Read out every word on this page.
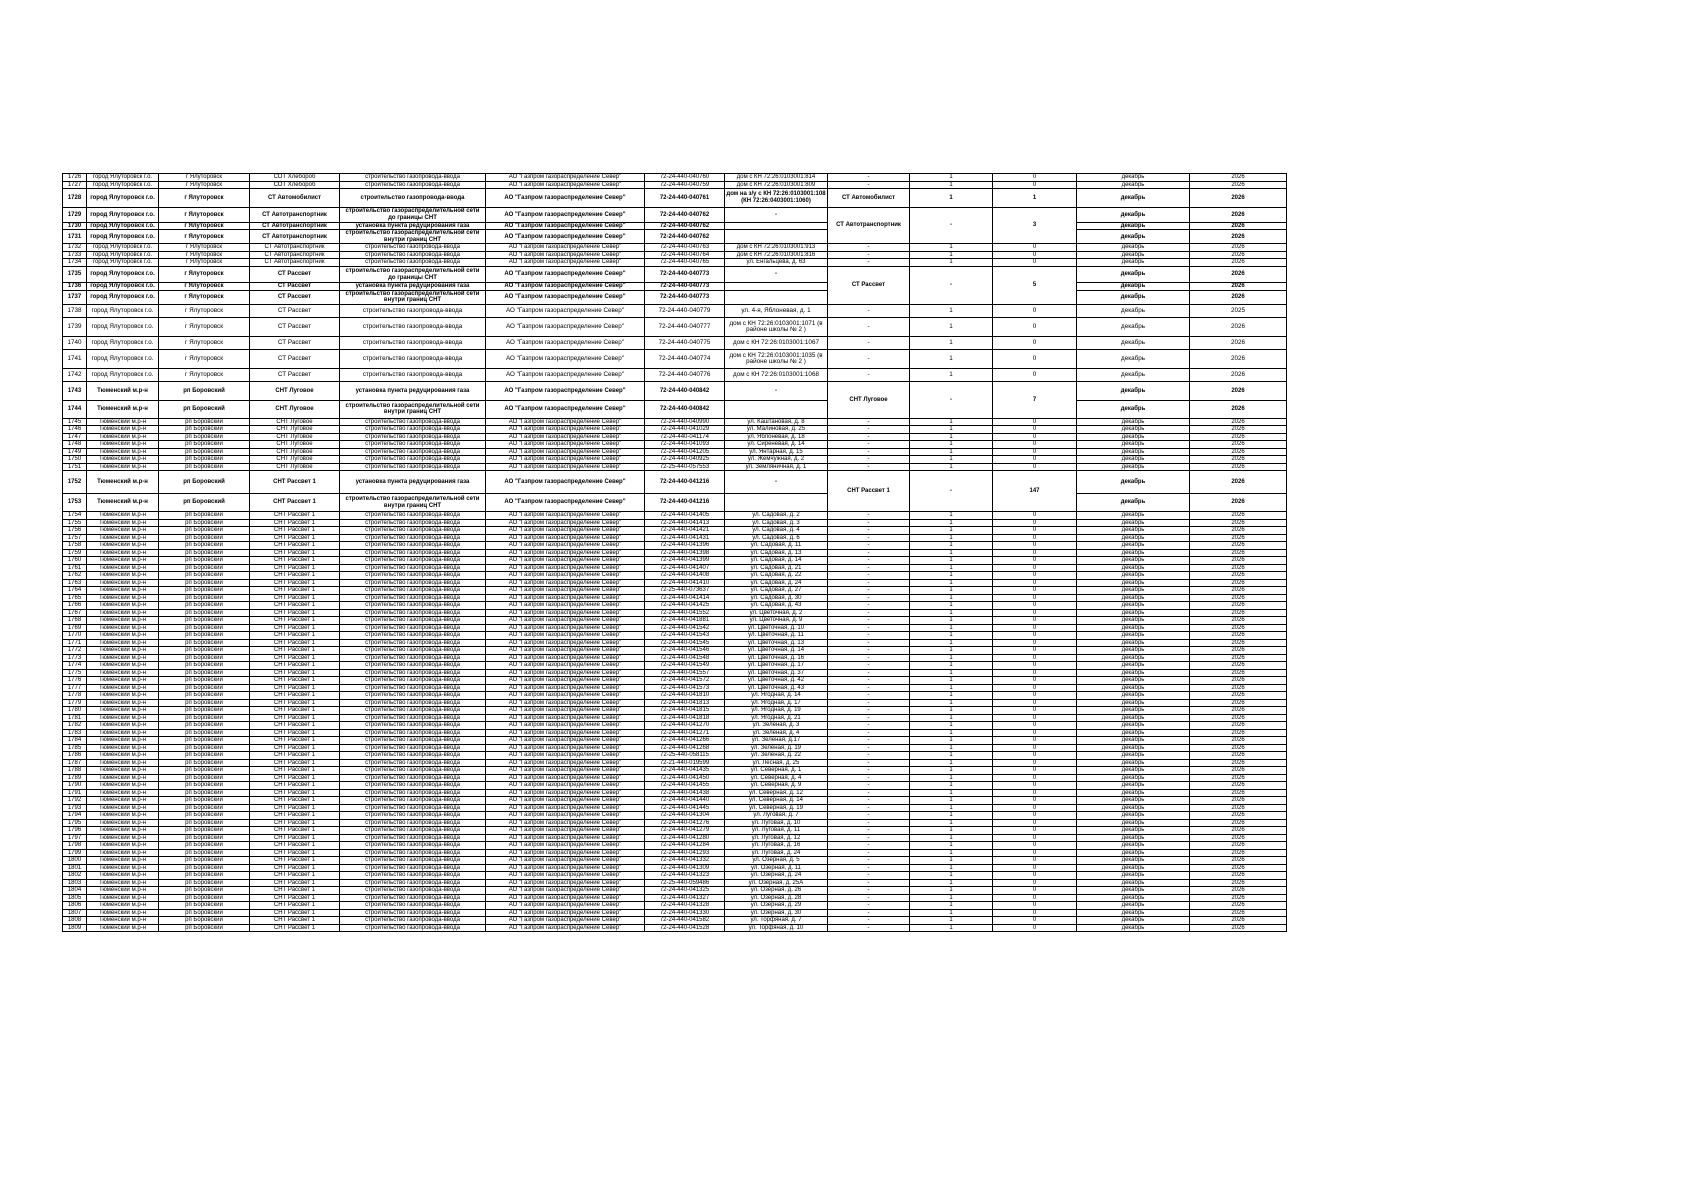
1726	город Ялуторовск г.о.	г Ялуторовск	СОТ Хлебороб	строительство газопровода-ввода	АО "Газпром газораспределение Север"	72-24-440-040760	дом с КН 72:26:0103001:814	-	1	0	декабрь	2026
1727	город Ялуторовск г.о.	г Ялуторовск	СОТ Хлебороб	строительство газопровода-ввода	АО "Газпром газораспределение Север"	72-24-440-040759	дом с КН 72:26:0103001:809	-	1	0	декабрь	2026
1728	город Ялуторовск г.о.	г Ялуторовск	СТ Автомобилист	строительство газопровода-ввода	АО "Газпром газораспределение Север"	72-24-440-040761	дом на з/у с КН 72:26:0103001:108 (КН 72:26:0403001:1060)	СТ Автомобилист	1	1	декабрь	2026
1729	город Ялуторовск г.о.	г Ялуторовск	СТ Автотранспортник	строительство газораспределительной сети до границы СНТ	АО "Газпром газораспределение Север"	72-24-440-040762	-	СТ Автотранспортник	-	3	декабрь	2026
1730	город Ялуторовск г.о.	г Ялуторовск	СТ Автотранспортник	установка пункта редуцирования газа	АО "Газпром газораспределение Север"	72-24-440-040762					декабрь	2026
1731	город Ялуторовск г.о.	г Ялуторовск	СТ Автотранспортник	строительство газораспределительной сети внутри границ СНТ	АО "Газпром газораспределение Север"	72-24-440-040762					декабрь	2026
1732	город Ялуторовск г.о.	г Ялуторовск	СТ Автотранспортник	строительство газопровода-ввода	АО "Газпром газораспределение Север"	72-24-440-040763	дом с КН 72:26:0103001:913	-	1	0	декабрь	2026
1733	город Ялуторовск г.о.	г Ялуторовск	СТ Автотранспортник	строительство газопровода-ввода	АО "Газпром газораспределение Север"	72-24-440-040764	дом с КН 72:26:0103001:816	-	1	0	декабрь	2026
1734	город Ялуторовск г.о.	г Ялуторовск	СТ Автотранспортник	строительство газопровода-ввода	АО "Газпром газораспределение Север"	72-24-440-040765	ул. Енгальцева, д. 63	-	1	0	декабрь	2026
1735	город Ялуторовск г.о.	г Ялуторовск	СТ Рассвет	строительство газораспределительной сети до границы СНТ	АО "Газпром газораспределение Север"	72-24-440-040773	-	СТ Рассвет	-	5	декабрь	2026
1736	город Ялуторовск г.о.	г Ялуторовск	СТ Рассвет	установка пункта редуцирования газа	АО "Газпром газораспределение Север"	72-24-440-040773					декабрь	2026
1737	город Ялуторовск г.о.	г Ялуторовск	СТ Рассвет	строительство газораспределительной сети внутри границ СНТ	АО "Газпром газораспределение Север"	72-24-440-040773					декабрь	2026
1738	город Ялуторовск г.о.	г Ялуторовск	СТ Рассвет	строительство газопровода-ввода	АО "Газпром газораспределение Север"	72-24-440-040779	ул. 4-я, Яблоневая, д. 1	-	1	0	декабрь	2025
1739	город Ялуторовск г.о.	г Ялуторовск	СТ Рассвет	строительство газопровода-ввода	АО "Газпром газораспределение Север"	72-24-440-040777	дом с КН 72:26:0103001:1071 (в районе школы № 2 )	-	1	0	декабрь	2026
1740	город Ялуторовск г.о.	г Ялуторовск	СТ Рассвет	строительство газопровода-ввода	АО "Газпром газораспределение Север"	72-24-440-040775	дом с КН 72:26:0103001:1067	-	1	0	декабрь	2026
1741	город Ялуторовск г.о.	г Ялуторовск	СТ Рассвет	строительство газопровода-ввода	АО "Газпром газораспределение Север"	72-24-440-040774	дом с КН 72:26:0103001:1035 (в районе школы № 2 )	-	1	0	декабрь	2026
1742	город Ялуторовск г.о.	г Ялуторовск	СТ Рассвет	строительство газопровода-ввода	АО "Газпром газораспределение Север"	72-24-440-040776	дом с КН 72:26:0103001:1068	-	1	0	декабрь	2026
1743	Тюменский м.р-н	рп Боровский	СНТ Луговое	установка пункта редуцирования газа	АО "Газпром газораспределение Север"	72-24-440-040842	-	СНТ Луговое	-	7	декабрь	2026
1744	Тюменский м.р-н	рп Боровский	СНТ Луговое	строительство газораспределительной сети внутри границ СНТ	АО "Газпром газораспределение Север"	72-24-440-040842					декабрь	2026
1745	Тюменский м.р-н	рп Боровский	СНТ Луговое	строительство газопровода-ввода	АО "Газпром газораспределение Север"	72-24-440-040990	ул. Каштановая, д. 8	-	1	0	декабрь	2026
1746	Тюменский м.р-н	рп Боровский	СНТ Луговое	строительство газопровода-ввода	АО "Газпром газораспределение Север"	72-24-440-041029	ул. Малиновая, д. 25	-	1	0	декабрь	2026
1747	Тюменский м.р-н	рп Боровский	СНТ Луговое	строительство газопровода-ввода	АО "Газпром газораспределение Север"	72-24-440-041174	ул. Яблоневая, д. 18	-	1	0	декабрь	2026
1748	Тюменский м.р-н	рп Боровский	СНТ Луговое	строительство газопровода-ввода	АО "Газпром газораспределение Север"	72-24-440-041093	ул. Сиреневая, д. 14	-	1	0	декабрь	2026
1749	Тюменский м.р-н	рп Боровский	СНТ Луговое	строительство газопровода-ввода	АО "Газпром газораспределение Север"	72-24-440-041205	ул. Янтарная, д. 15	-	1	0	декабрь	2026
1750	Тюменский м.р-н	рп Боровский	СНТ Луговое	строительство газопровода-ввода	АО "Газпром газораспределение Север"	72-24-440-040925	ул. Жемчужная, д. 2	-	1	0	декабрь	2026
1751	Тюменский м.р-н	рп Боровский	СНТ Луговое	строительство газопровода-ввода	АО "Газпром газораспределение Север"	72-25-440-057553	ул. Земляничная, д. 1	-	1	0	декабрь	2026
1752	Тюменский м.р-н	рп Боровский	СНТ Рассвет 1	установка пункта редуцирования газа	АО "Газпром газораспределение Север"	72-24-440-041216	-	СНТ Рассвет 1	-	147	декабрь	2026
1753	Тюменский м.р-н	рп Боровский	СНТ Рассвет 1	строительство газораспределительной сети внутри границ СНТ	АО "Газпром газораспределение Север"	72-24-440-041216					декабрь	2026
1754	Тюменский м.р-н	рп Боровский	СНТ Рассвет 1	строительство газопровода-ввода	АО "Газпром газораспределение Север"	72-24-440-041405	ул. Садовая, д. 2	-	1	0	декабрь	2026
1755	Тюменский м.р-н	рп Боровский	СНТ Рассвет 1	строительство газопровода-ввода	АО "Газпром газораспределение Север"	72-24-440-041413	ул. Садовая, д. 3	-	1	0	декабрь	2026
1756	Тюменский м.р-н	рп Боровский	СНТ Рассвет 1	строительство газопровода-ввода	АО "Газпром газораспределение Север"	72-24-440-041421	ул. Садовая, д. 4	-	1	0	декабрь	2026
1757	Тюменский м.р-н	рп Боровский	СНТ Рассвет 1	строительство газопровода-ввода	АО "Газпром газораспределение Север"	72-24-440-041431	ул. Садовая, д. 6	-	1	0	декабрь	2026
1758	Тюменский м.р-н	рп Боровский	СНТ Рассвет 1	строительство газопровода-ввода	АО "Газпром газораспределение Север"	72-24-440-041396	ул. Садовая, д. 11	-	1	0	декабрь	2026
1759	Тюменский м.р-н	рп Боровский	СНТ Рассвет 1	строительство газопровода-ввода	АО "Газпром газораспределение Север"	72-24-440-041398	ул. Садовая, д. 13	-	1	0	декабрь	2026
1760	Тюменский м.р-н	рп Боровский	СНТ Рассвет 1	строительство газопровода-ввода	АО "Газпром газораспределение Север"	72-24-440-041399	ул. Садовая, д. 14	-	1	0	декабрь	2026
1761	Тюменский м.р-н	рп Боровский	СНТ Рассвет 1	строительство газопровода-ввода	АО "Газпром газораспределение Север"	72-24-440-041407	ул. Садовая, д. 21	-	1	0	декабрь	2026
1762	Тюменский м.р-н	рп Боровский	СНТ Рассвет 1	строительство газопровода-ввода	АО "Газпром газораспределение Север"	72-24-440-041408	ул. Садовая, д. 22	-	1	0	декабрь	2026
1763	Тюменский м.р-н	рп Боровский	СНТ Рассвет 1	строительство газопровода-ввода	АО "Газпром газораспределение Север"	72-24-440-041410	ул. Садовая, д. 24	-	1	0	декабрь	2026
1764	Тюменский м.р-н	рп Боровский	СНТ Рассвет 1	строительство газопровода-ввода	АО "Газпром газораспределение Север"	72-25-440-073637	ул. Садовая, д. 27	-	1	0	декабрь	2026
1765	Тюменский м.р-н	рп Боровский	СНТ Рассвет 1	строительство газопровода-ввода	АО "Газпром газораспределение Север"	72-24-440-041414	ул. Садовая, д. 30	-	1	0	декабрь	2026
1766	Тюменский м.р-н	рп Боровский	СНТ Рассвет 1	строительство газопровода-ввода	АО "Газпром газораспределение Север"	72-24-440-041425	ул. Садовая, д. 43	-	1	0	декабрь	2026
1767	Тюменский м.р-н	рп Боровский	СНТ Рассвет 1	строительство газопровода-ввода	АО "Газпром газораспределение Север"	72-24-440-041552	ул. Цветочная, д. 2	-	1	0	декабрь	2026
1768	Тюменский м.р-н	рп Боровский	СНТ Рассвет 1	строительство газопровода-ввода	АО "Газпром газораспределение Север"	72-24-440-041881	ул. Цветочная, д. 9	-	1	0	декабрь	2026
1769	Тюменский м.р-н	рп Боровский	СНТ Рассвет 1	строительство газопровода-ввода	АО "Газпром газораспределение Север"	72-24-440-041542	ул. Цветочная, д. 10	-	1	0	декабрь	2026
1770	Тюменский м.р-н	рп Боровский	СНТ Рассвет 1	строительство газопровода-ввода	АО "Газпром газораспределение Север"	72-24-440-041543	ул. Цветочная, д. 11	-	1	0	декабрь	2026
1771	Тюменский м.р-н	рп Боровский	СНТ Рассвет 1	строительство газопровода-ввода	АО "Газпром газораспределение Север"	72-24-440-041545	ул. Цветочная, д. 13	-	1	0	декабрь	2026
1772	Тюменский м.р-н	рп Боровский	СНТ Рассвет 1	строительство газопровода-ввода	АО "Газпром газораспределение Север"	72-24-440-041546	ул. Цветочная, д. 14	-	1	0	декабрь	2026
1773	Тюменский м.р-н	рп Боровский	СНТ Рассвет 1	строительство газопровода-ввода	АО "Газпром газораспределение Север"	72-24-440-041548	ул. Цветочная, д. 16	-	1	0	декабрь	2026
1774	Тюменский м.р-н	рп Боровский	СНТ Рассвет 1	строительство газопровода-ввода	АО "Газпром газораспределение Север"	72-24-440-041549	ул. Цветочная, д. 17	-	1	0	декабрь	2026
1775	Тюменский м.р-н	рп Боровский	СНТ Рассвет 1	строительство газопровода-ввода	АО "Газпром газораспределение Север"	72-24-440-041557	ул. Цветочная, д. 37	-	1	0	декабрь	2026
1776	Тюменский м.р-н	рп Боровский	СНТ Рассвет 1	строительство газопровода-ввода	АО "Газпром газораспределение Север"	72-24-440-041572	ул. Цветочная, д. 42	-	1	0	декабрь	2026
1777	Тюменский м.р-н	рп Боровский	СНТ Рассвет 1	строительство газопровода-ввода	АО "Газпром газораспределение Север"	72-24-440-041573	ул. Цветочная, д. 43	-	1	0	декабрь	2026
1778	Тюменский м.р-н	рп Боровский	СНТ Рассвет 1	строительство газопровода-ввода	АО "Газпром газораспределение Север"	72-24-440-041810	ул. Ягодная, д. 14	-	1	0	декабрь	2026
1779	Тюменский м.р-н	рп Боровский	СНТ Рассвет 1	строительство газопровода-ввода	АО "Газпром газораспределение Север"	72-24-440-041813	ул. Ягодная, д. 17	-	1	0	декабрь	2026
1780	Тюменский м.р-н	рп Боровский	СНТ Рассвет 1	строительство газопровода-ввода	АО "Газпром газораспределение Север"	72-24-440-041815	ул. Ягодная, д. 19	-	1	0	декабрь	2026
1781	Тюменский м.р-н	рп Боровский	СНТ Рассвет 1	строительство газопровода-ввода	АО "Газпром газораспределение Север"	72-24-440-041818	ул. Ягодная, д. 21	-	1	0	декабрь	2026
1782	Тюменский м.р-н	рп Боровский	СНТ Рассвет 1	строительство газопровода-ввода	АО "Газпром газораспределение Север"	72-24-440-041270	ул. Зеленая, д. 3	-	1	0	декабрь	2026
1783	Тюменский м.р-н	рп Боровский	СНТ Рассвет 1	строительство газопровода-ввода	АО "Газпром газораспределение Север"	72-24-440-041271	ул. Зеленая, д. 4	-	1	0	декабрь	2026
1784	Тюменский м.р-н	рп Боровский	СНТ Рассвет 1	строительство газопровода-ввода	АО "Газпром газораспределение Север"	72-24-440-041266	ул. Зеленая, д.17	-	1	0	декабрь	2026
1785	Тюменский м.р-н	рп Боровский	СНТ Рассвет 1	строительство газопровода-ввода	АО "Газпром газораспределение Север"	72-24-440-041268	ул. Зеленая, д. 19	-	1	0	декабрь	2026
1786	Тюменский м.р-н	рп Боровский	СНТ Рассвет 1	строительство газопровода-ввода	АО "Газпром газораспределение Север"	72-25-440-058115	ул. Зеленая, д. 22	-	1	0	декабрь	2026
1787	Тюменский м.р-н	рп Боровский	СНТ Рассвет 1	строительство газопровода-ввода	АО "Газпром газораспределение Север"	72-21-440-019599	ул. Лесная, д. 25	-	1	0	декабрь	2026
1788	Тюменский м.р-н	рп Боровский	СНТ Рассвет 1	строительство газопровода-ввода	АО "Газпром газораспределение Север"	72-24-440-041435	ул. Северная, д. 1	-	1	0	декабрь	2026
1789	Тюменский м.р-н	рп Боровский	СНТ Рассвет 1	строительство газопровода-ввода	АО "Газпром газораспределение Север"	72-24-440-041450	ул. Северная, д. 4	-	1	0	декабрь	2026
1790	Тюменский м.р-н	рп Боровский	СНТ Рассвет 1	строительство газопровода-ввода	АО "Газпром газораспределение Север"	72-24-440-041455	ул. Северная, д. 9	-	1	0	декабрь	2026
1791	Тюменский м.р-н	рп Боровский	СНТ Рассвет 1	строительство газопровода-ввода	АО "Газпром газораспределение Север"	72-24-440-041438	ул. Северная, д. 12	-	1	0	декабрь	2026
1792	Тюменский м.р-н	рп Боровский	СНТ Рассвет 1	строительство газопровода-ввода	АО "Газпром газораспределение Север"	72-24-440-041440	ул. Северная, д. 14	-	1	0	декабрь	2026
1793	Тюменский м.р-н	рп Боровский	СНТ Рассвет 1	строительство газопровода-ввода	АО "Газпром газораспределение Север"	72-24-440-041445	ул. Северная, д. 19	-	1	0	декабрь	2026
1794	Тюменский м.р-н	рп Боровский	СНТ Рассвет 1	строительство газопровода-ввода	АО "Газпром газораспределение Север"	72-24-440-041304	ул. Луговая, д. 7	-	1	0	декабрь	2026
1795	Тюменский м.р-н	рп Боровский	СНТ Рассвет 1	строительство газопровода-ввода	АО "Газпром газораспределение Север"	72-24-440-041276	ул. Луговая, д. 10	-	1	0	декабрь	2026
1796	Тюменский м.р-н	рп Боровский	СНТ Рассвет 1	строительство газопровода-ввода	АО "Газпром газораспределение Север"	72-24-440-041279	ул. Луговая, д. 11	-	1	0	декабрь	2026
1797	Тюменский м.р-н	рп Боровский	СНТ Рассвет 1	строительство газопровода-ввода	АО "Газпром газораспределение Север"	72-24-440-041280	ул. Луговая, д. 12	-	1	0	декабрь	2026
1798	Тюменский м.р-н	рп Боровский	СНТ Рассвет 1	строительство газопровода-ввода	АО "Газпром газораспределение Север"	72-24-440-041284	ул. Луговая, д. 16	-	1	0	декабрь	2026
1799	Тюменский м.р-н	рп Боровский	СНТ Рассвет 1	строительство газопровода-ввода	АО "Газпром газораспределение Север"	72-24-440-041293	ул. Луговая, д. 24	-	1	0	декабрь	2026
1800	Тюменский м.р-н	рп Боровский	СНТ Рассвет 1	строительство газопровода-ввода	АО "Газпром газораспределение Север"	72-24-440-041332	ул. Озерная, д. 5	-	1	0	декабрь	2026
1801	Тюменский м.р-н	рп Боровский	СНТ Рассвет 1	строительство газопровода-ввода	АО "Газпром газораспределение Север"	72-24-440-041309	ул. Озерная, д. 11	-	1	0	декабрь	2026
1802	Тюменский м.р-н	рп Боровский	СНТ Рассвет 1	строительство газопровода-ввода	АО "Газпром газораспределение Север"	72-24-440-041323	ул. Озерная, д. 24	-	1	0	декабрь	2026
1803	Тюменский м.р-н	рп Боровский	СНТ Рассвет 1	строительство газопровода-ввода	АО "Газпром газораспределение Север"	72-25-440-059486	ул. Озерная, д. 25А	-	1	0	декабрь	2026
1804	Тюменский м.р-н	рп Боровский	СНТ Рассвет 1	строительство газопровода-ввода	АО "Газпром газораспределение Север"	72-24-440-041325	ул. Озерная, д. 26	-	1	0	декабрь	2026
1805	Тюменский м.р-н	рп Боровский	СНТ Рассвет 1	строительство газопровода-ввода	АО "Газпром газораспределение Север"	72-24-440-041327	ул. Озерная, д. 28	-	1	0	декабрь	2026
1806	Тюменский м.р-н	рп Боровский	СНТ Рассвет 1	строительство газопровода-ввода	АО "Газпром газораспределение Север"	72-24-440-041328	ул. Озерная, д. 29	-	1	0	декабрь	2026
1807	Тюменский м.р-н	рп Боровский	СНТ Рассвет 1	строительство газопровода-ввода	АО "Газпром газораспределение Север"	72-24-440-041330	ул. Озерная, д. 30	-	1	0	декабрь	2026
1808	Тюменский м.р-н	рп Боровский	СНТ Рассвет 1	строительство газопровода-ввода	АО "Газпром газораспределение Север"	72-24-440-041582	ул. Торфяная, д. 7	-	1	0	декабрь	2026
1809	Тюменский м.р-н	рп Боровский	СНТ Рассвет 1	строительство газопровода-ввода	АО "Газпром газораспределение Север"	72-24-440-041528	ул. Торфяная, д. 10	-	1	0	декабрь	2026
